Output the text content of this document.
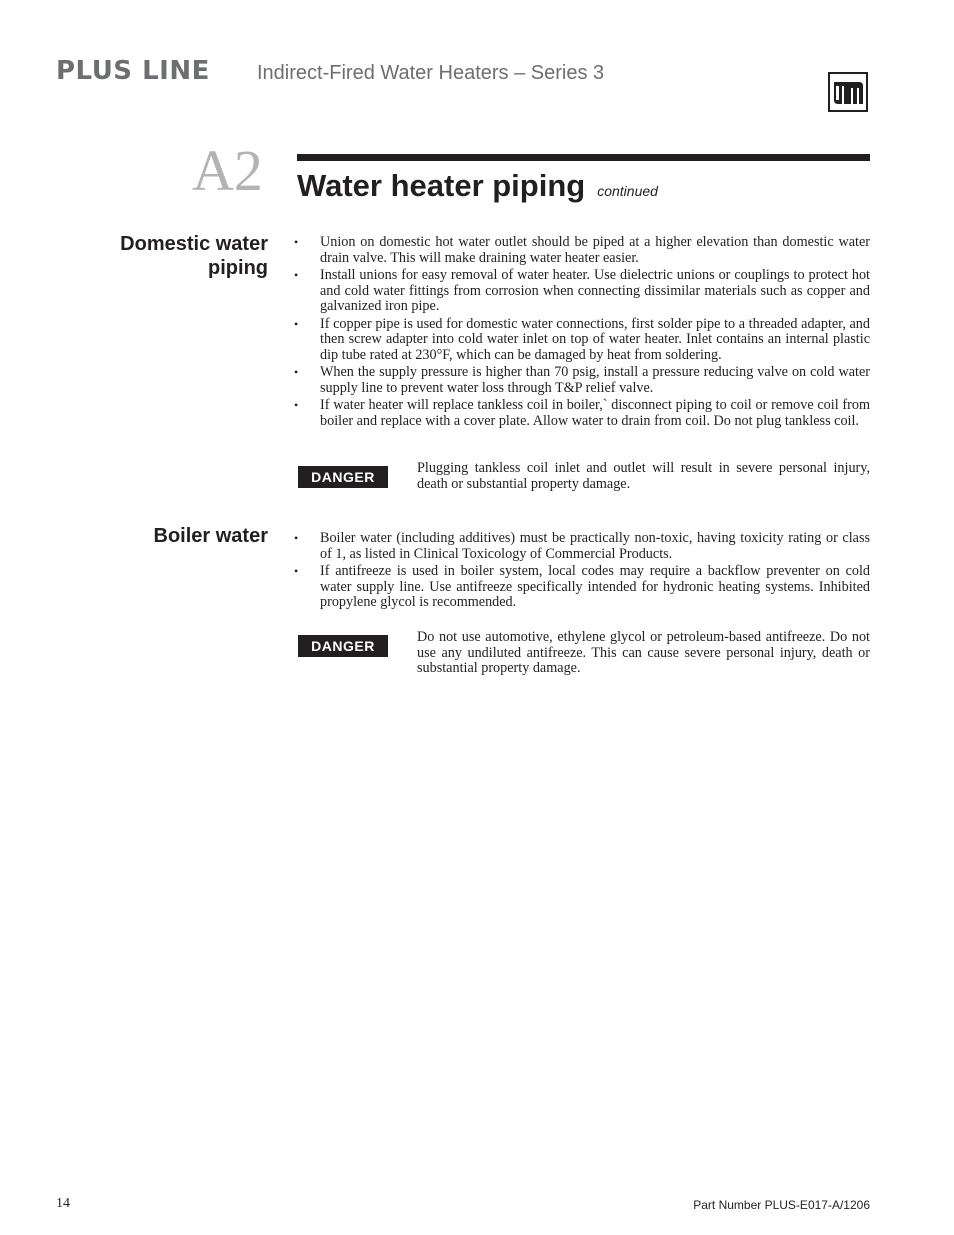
PLUS LINE Indirect-Fired Water Heaters – Series 3
A2 Water heater piping continued
Domestic water
piping
• Union on domestic hot water outlet should be piped at a higher elevation than domestic water drain valve. This will make draining water heater easier.
• Install unions for easy removal of water heater. Use dielectric unions or couplings to protect hot and cold water fittings from corrosion when connecting dissimilar materials such as copper and galvanized iron pipe.
• If copper pipe is used for domestic water connections, first solder pipe to a threaded adapter, and then screw adapter into cold water inlet on top of water heater. Inlet contains an internal plastic dip tube rated at 230°F, which can be damaged by heat from soldering.
• When the supply pressure is higher than 70 psig, install a pressure reducing valve on cold water supply line to prevent water loss through T&P relief valve.
• If water heater will replace tankless coil in boiler,` disconnect piping to coil or remove coil from boiler and replace with a cover plate. Allow water to drain from coil. Do not plug tankless coil.
DANGER
Plugging tankless coil inlet and outlet will result in severe personal injury, death or substantial property damage.
Boiler water • Boiler water (including additives) must be practically non-toxic, having toxicity rating or class of 1, as listed in Clinical Toxicology of Commercial Products.
• If antifreeze is used in boiler system, local codes may require a backflow preventer on cold water supply line. Use antifreeze specifically intended for hydronic heating systems. Inhibited propylene glycol is recommended.
DANGER
Do not use automotive, ethylene glycol or petroleum-based antifreeze. Do not use any undiluted antifreeze. This can cause severe personal injury, death or substantial property damage.
14	Part Number PLUS-E017-A/1206
